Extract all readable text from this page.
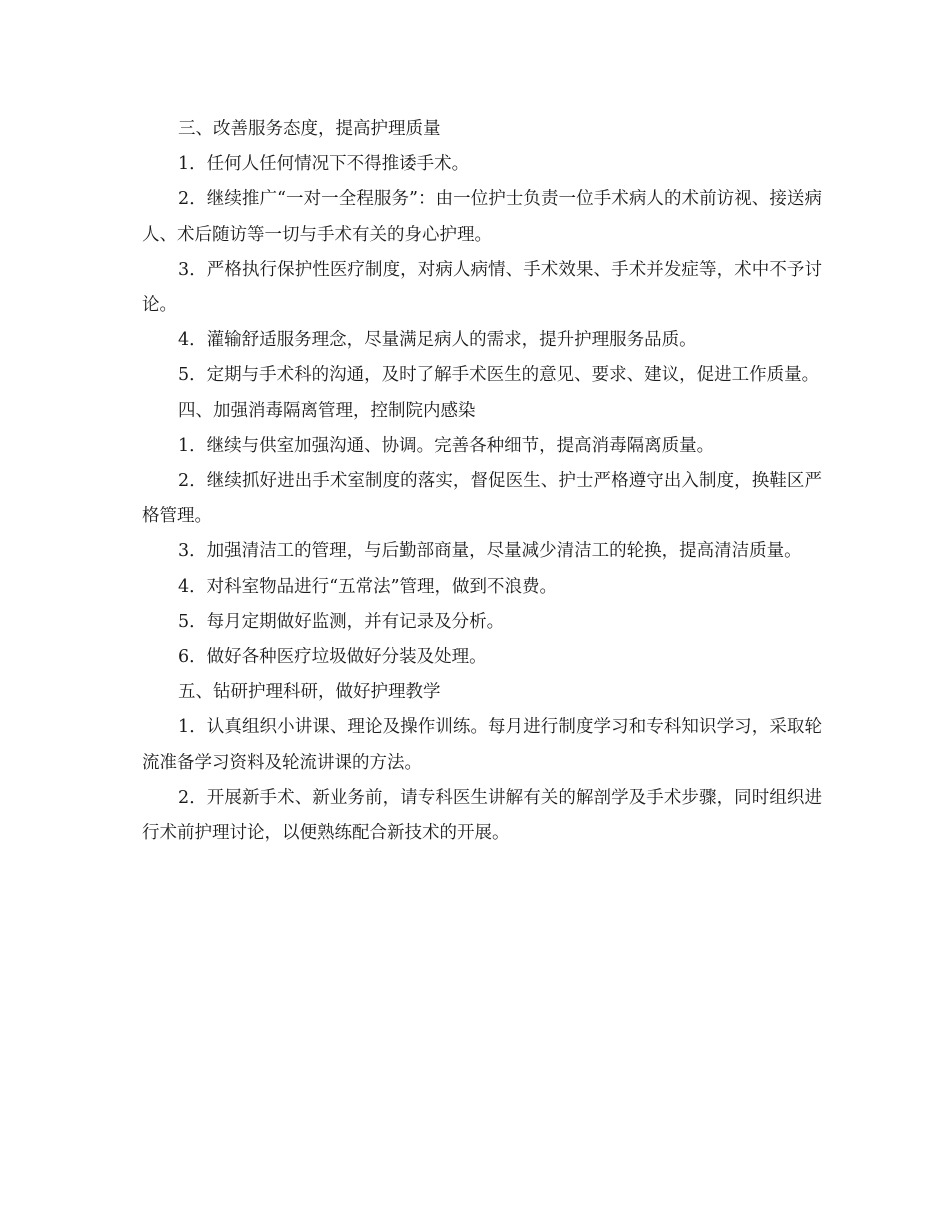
三、改善服务态度，提高护理质量

1．任何人任何情况下不得推诿手术。

2．继续推广“一对一全程服务”：由一位护士负责一位手术病人的术前访视、接送病人、术后随访等一切与手术有关的身心护理。

3．严格执行保护性医疗制度，对病人病情、手术效果、手术并发症等，术中不予讨论。

4．灌输舒适服务理念，尽量满足病人的需求，提升护理服务品质。

5．定期与手术科的沟通，及时了解手术医生的意见、要求、建议，促进工作质量。

四、加强消毒隔离管理，控制院内感染

1．继续与供室加强沟通、协调。完善各种细节，提高消毒隔离质量。

2．继续抓好进出手术室制度的落实，督促医生、护士严格遵守出入制度，换鞋区严格管理。

3．加强清洁工的管理，与后勤部商量，尽量减少清洁工的轮换，提高清洁质量。

4．对科室物品进行“五常法”管理，做到不浪费。

5．每月定期做好监测，并有记录及分析。

6．做好各种医疗垃圾做好分装及处理。

五、钻研护理科研，做好护理教学

1．认真组织小讲课、理论及操作训练。每月进行制度学习和专科知识学习，采取轮流准备学习资料及轮流讲课的方法。

2．开展新手术、新业务前，请专科医生讲解有关的解剖学及手术步骤，同时组织进行术前护理讨论，以便熟练配合新技术的开展。
